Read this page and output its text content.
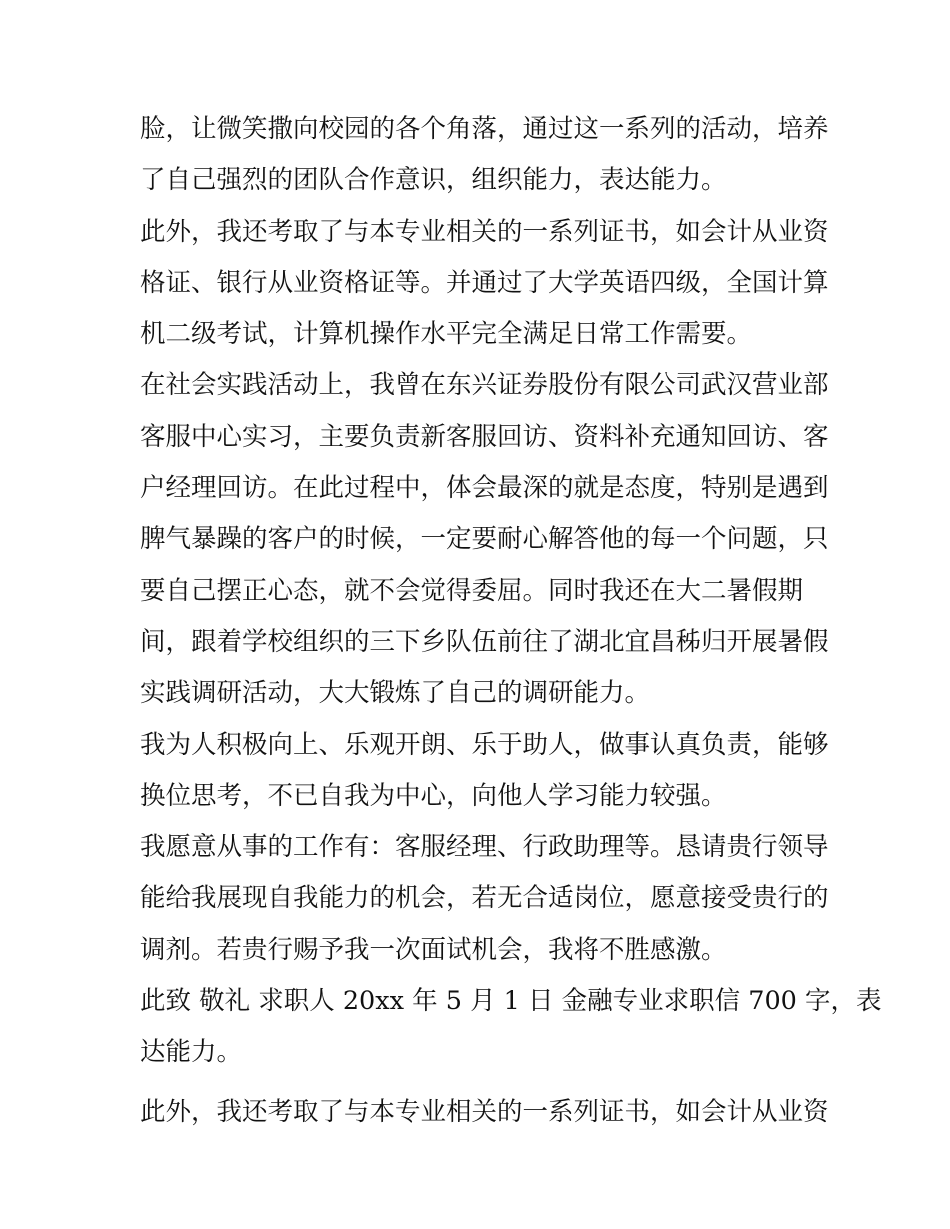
脸，让微笑撒向校园的各个角落，通过这一系列的活动，培养
了自己强烈的团队合作意识，组织能力，表达能力。
此外，我还考取了与本专业相关的一系列证书，如会计从业资
格证、银行从业资格证等。并通过了大学英语四级，全国计算
机二级考试，计算机操作水平完全满足日常工作需要。
在社会实践活动上，我曾在东兴证券股份有限公司武汉营业部
客服中心实习，主要负责新客服回访、资料补充通知回访、客
户经理回访。在此过程中，体会最深的就是态度，特别是遇到
脾气暴躁的客户的时候，一定要耐心解答他的每一个问题，只
要自己摆正心态，就不会觉得委屈。同时我还在大二暑假期
间，跟着学校组织的三下乡队伍前往了湖北宜昌秭归开展暑假
实践调研活动，大大锻炼了自己的调研能力。
我为人积极向上、乐观开朗、乐于助人，做事认真负责，能够
换位思考，不已自我为中心，向他人学习能力较强。
我愿意从事的工作有：客服经理、行政助理等。恳请贵行领导
能给我展现自我能力的机会，若无合适岗位，愿意接受贵行的
调剂。若贵行赐予我一次面试机会，我将不胜感激。
此致 敬礼 求职人 20xx 年 5 月 1 日 金融专业求职信 700 字，表
达能力。
此外，我还考取了与本专业相关的一系列证书，如会计从业资
